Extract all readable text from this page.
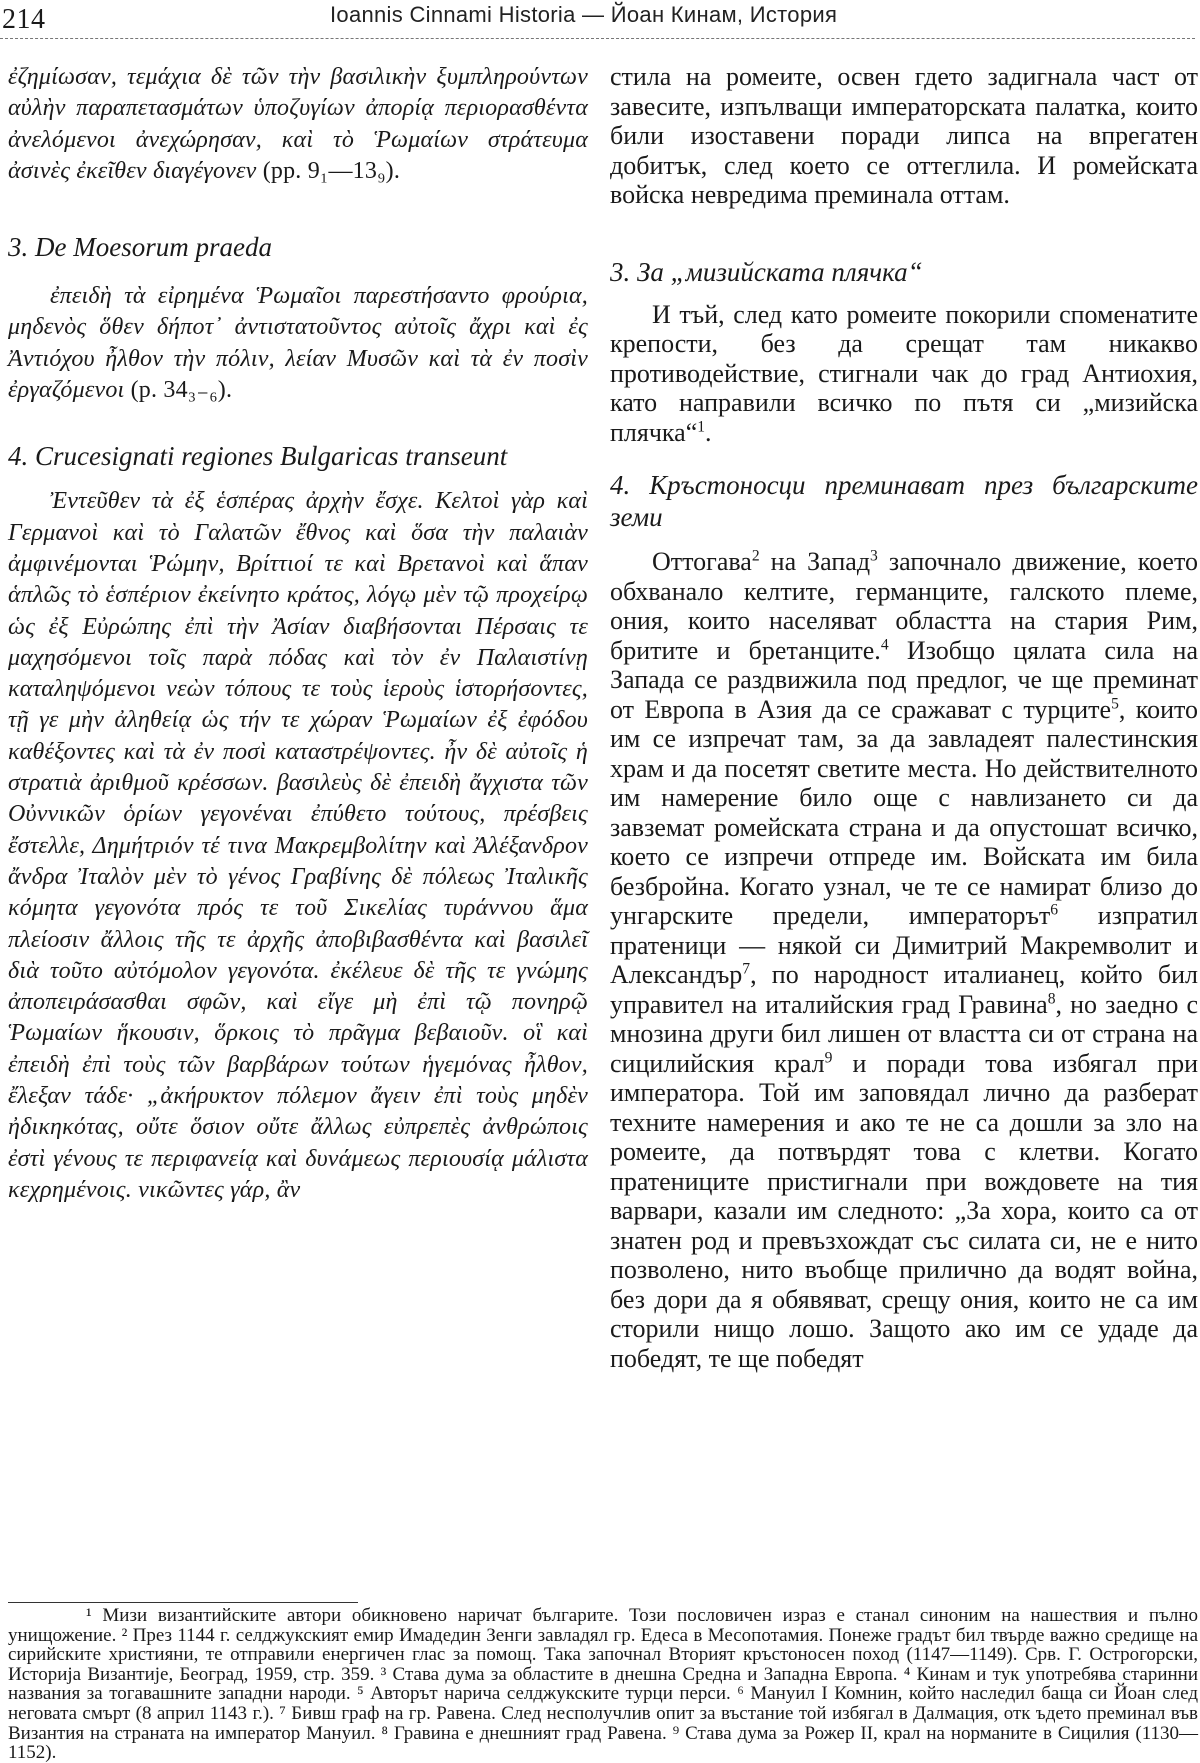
214	Ioannis Cinnami Historia — Йоан Кинам, История

ἐζημίωσαν, τεμάχια δὲ τῶν τὴν βασιλικὴν ξυμπληρούντων αὐλὴν παραπετασμάτων ὑποζυγίων ἀπορίᾳ περιορασθέντα ἀνελόμενοι ἀνεχώρησαν, καὶ τὸ Ῥωμαίων στράτευμα ἀσινὲς ἐκεῖθεν διαγέγονεν (pp. 9₁—13₉).

3. De Moesorum praeda

ἐπειδὴ τὰ εἰρημένα Ῥωμαῖοι παρεστήσαντο φρούρια, μηδενὸς ὅθεν δήποτ᾽ ἀντιστατοῦντος αὐτοῖς ἄχρι καὶ ἐς Ἀντιόχου ἦλθον τὴν πόλιν, λείαν Μυσῶν καὶ τὰ ἐν ποσὶν ἐργαζόμενοι (p. 34₃₋₆).

4. Crucesignati regiones Bulgaricas transeunt

Ἐντεῦθεν τὰ ἐξ ἑσπέρας ἀρχὴν ἔσχε. Κελτοὶ γὰρ καὶ Γερμανοὶ καὶ τὸ Γαλατῶν ἔθνος καὶ ὅσα τὴν παλαιὰν ἀμφινέμονται Ῥώμην, Βρίττιοί τε καὶ Βρετανοὶ καὶ ἅπαν ἁπλῶς τὸ ἑσπέριον ἐκείνητο κράτος, λόγῳ μὲν τῷ προχείρῳ ὡς ἐξ Εὐρώπης ἐπὶ τὴν Ἀσίαν διαβήσονται Πέρσαις τε μαχησόμενοι τοῖς παρὰ πόδας καὶ τὸν ἐν Παλαιστίνῃ καταληψόμενοι νεὼν τόπους τε τοὺς ἱεροὺς ἱστορήσοντες, τῇ γε μὴν ἀληθείᾳ ὡς τήν τε χώραν Ῥωμαίων ἐξ ἐφόδου καθέξοντες καὶ τὰ ἐν ποσὶ καταστρέψοντες. ἦν δὲ αὐτοῖς ἡ στρατιὰ ἀριθμοῦ κρέσσων. βασιλεὺς δὲ ἐπειδὴ ἄγχιστα τῶν Οὐννικῶν ὁρίων γεγονέναι ἐπύθετο τούτους, πρέσβεις ἔστελλε, Δημήτριόν τέ τινα Μακρεμβολίτην καὶ Ἀλέξανδρον ἄνδρα Ἰταλὸν μὲν τὸ γένος Γραβίνης δὲ πόλεως Ἰταλικῆς κόμητα γεγονότα πρός τε τοῦ Σικελίας τυράννου ἅμα πλείοσιν ἄλλοις τῆς τε ἀρχῆς ἀποβιβασθέντα καὶ βασιλεῖ διὰ τοῦτο αὐτόμολον γεγονότα. ἐκέλευε δὲ τῆς τε γνώμης ἀποπειράσασθαι σφῶν, καὶ εἴγε μὴ ἐπὶ τῷ πονηρῷ Ῥωμαίων ἥκουσιν, ὅρκοις τὸ πρᾶγμα βεβαιοῦν. οἳ καὶ ἐπειδὴ ἐπὶ τοὺς τῶν βαρβάρων τούτων ἡγεμόνας ἦλθον, ἔλεξαν τάδε· „ἀκήρυκτον πόλεμον ἄγειν ἐπὶ τοὺς μηδὲν ἠδικηκότας, οὔτε ὅσιον οὔτε ἄλλως εὐπρεπὲς ἀνθρώποις ἐστὶ γένους τε περιφανείᾳ καὶ δυνάμεως περιουσίᾳ μάλιστα κεχρημένοις. νικῶντες γάρ, ἂν

стила на ромеите, освен гдето задигнала част от завесите, изпълващи императорската палатка, които били изоставени поради липса на впрегатен добитък, след което се оттеглила. И ромейската войска невредима преминала оттам.

3. За „мизийската плячка“

И тъй, след като ромеите покорили споменатите крепости, без да срещат там никакво противодействие, стигнали чак до град Антиохия, като направили всичко по пътя си „мизийска плячка“$^1$.

4. Кръстоносци преминават през българските земи

Оттогава$^2$ на Запад$^3$ започнало движение, което обхванало келтите, германците, галското племе, ония, които населяват областта на стария Рим, бритите и бретанците.$^4$ Изобщо цялата сила на Запада се раздвижила под предлог, че ще преминат от Европа в Азия да се сражават с турците$^5$, които им се изпречат там, за да завладеят палестинския храм и да посетят светите места. Но действителното им намерение било още с навлизането си да завземат ромейската страна и да опустошат всичко, което се изпречи отпреде им. Войската им била безбройна. Когато узнал, че те се намират близо до унгарските предели, императорът$^6$ изпратил пратеници — някой си Димитрий Макремволит и Александър$^7$, по народност италианец, който бил управител на италийския град Гравина$^8$, но заедно с мнозина други бил лишен от властта си от страна на сицилийския крал$^9$ и поради това избягал при императора. Той им заповядал лично да разберат техните намерения и ако те не са дошли за зло на ромеите, да потвърдят това с клетви. Когато пратениците пристигнали при вождовете на тия варвари, казали им следното: „За хора, които са от знатен род и превъзхождат със силата си, не е нито позволено, нито въобще прилично да водят война, без дори да я обявяват, срещу ония, които не са им сторили нищо лошо. Защото ако им се удаде да победят, те ще победят

¹ Мизи византийските автори обикновено наричат българите. Този пословичен израз е станал синоним на нашествия и пълно унищожение. ² През 1144 г. селджукският емир Имадедин Зенги завладял гр. Едеса в Месопотамия. Понеже градът бил твърде важно средище на сирийските християни, те отправили енергичен глас за помощ. Така започнал Вторият кръстоносен поход (1147—1149). Срв. Г. Острогорски, Историја Византије, Београд, 1959, стр. 359. ³ Става дума за областите в днешна Средна и Западна Европа. ⁴ Кинам и тук употребява старинни названия за тогавашните западни народи. ⁵ Авторът нарича селджукските турци перси. ⁶ Мануил I Комнин, който наследил баща си Йоан след неговата смърт (8 април 1143 г.). ⁷ Бивш граф на гр. Равена. След несполучлив опит за въстание той избягал в Далмация, отк ъдето преминал във Византия на страната на император Мануил. ⁸ Гравина е днешният град Равена. ⁹ Става дума за Рожер II, крал на норманите в Сицилия (1130—1152).
